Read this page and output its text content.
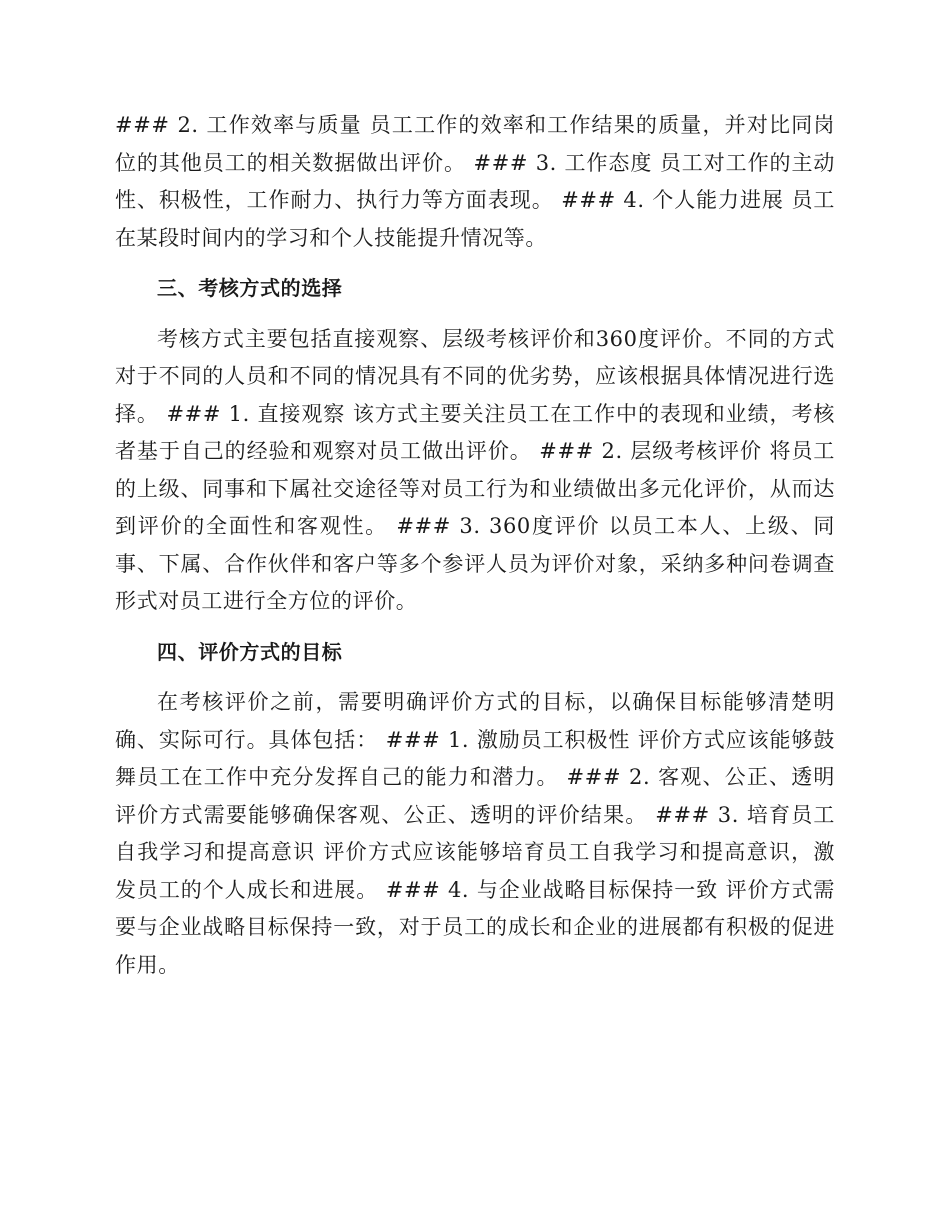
### 2. 工作效率与质量 员工工作的效率和工作结果的质量，并对比同岗位的其他员工的相关数据做出评价。 ### 3. 工作态度 员工对工作的主动性、积极性，工作耐力、执行力等方面表现。 ### 4. 个人能力进展 员工在某段时间内的学习和个人技能提升情况等。

三、考核方式的选择

考核方式主要包括直接观察、层级考核评价和360度评价。不同的方式对于不同的人员和不同的情况具有不同的优劣势，应该根据具体情况进行选择。 ### 1. 直接观察 该方式主要关注员工在工作中的表现和业绩，考核者基于自己的经验和观察对员工做出评价。 ### 2. 层级考核评价 将员工的上级、同事和下属社交途径等对员工行为和业绩做出多元化评价，从而达到评价的全面性和客观性。 ### 3. 360度评价 以员工本人、上级、同事、下属、合作伙伴和客户等多个参评人员为评价对象，采纳多种问卷调查形式对员工进行全方位的评价。

四、评价方式的目标

在考核评价之前，需要明确评价方式的目标，以确保目标能够清楚明确、实际可行。具体包括： ### 1. 激励员工积极性 评价方式应该能够鼓舞员工在工作中充分发挥自己的能力和潜力。 ### 2. 客观、公正、透明 评价方式需要能够确保客观、公正、透明的评价结果。 ### 3. 培育员工自我学习和提高意识 评价方式应该能够培育员工自我学习和提高意识，激发员工的个人成长和进展。 ### 4. 与企业战略目标保持一致 评价方式需要与企业战略目标保持一致，对于员工的成长和企业的进展都有积极的促进作用。
